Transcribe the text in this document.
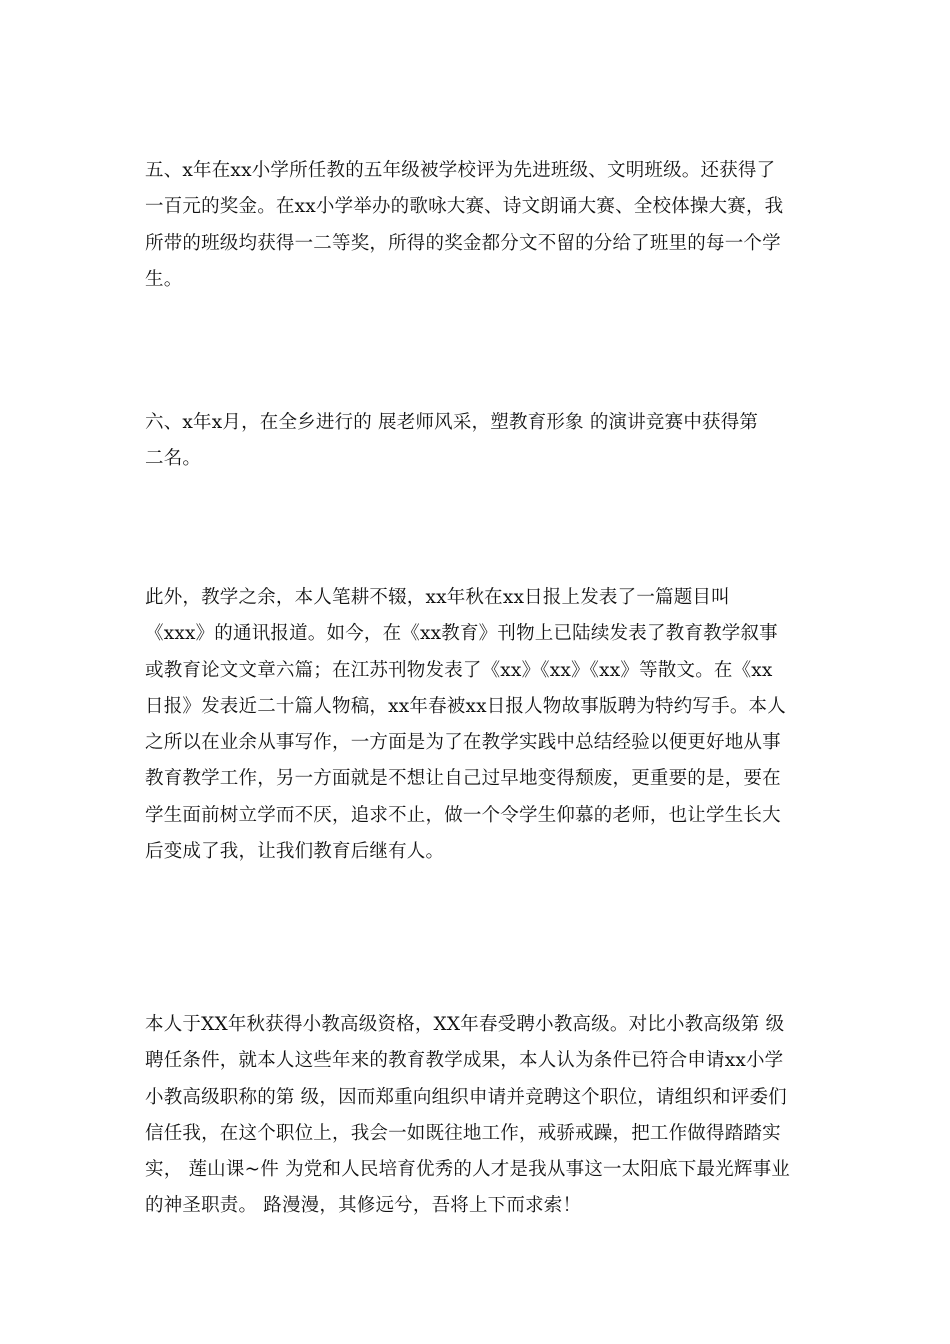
五、x年在xx小学所任教的五年级被学校评为先进班级、文明班级。还获得了
一百元的奖金。在xx小学举办的歌咏大赛、诗文朗诵大赛、全校体操大赛，我
所带的班级均获得一二等奖，所得的奖金都分文不留的分给了班里的每一个学
生。

六、x年x月，在全乡进行的 展老师风采，塑教育形象 的演讲竞赛中获得第
二名。

此外，教学之余，本人笔耕不辍，xx年秋在xx日报上发表了一篇题目叫
《xxx》的通讯报道。如今，在《xx教育》刊物上已陆续发表了教育教学叙事
或教育论文文章六篇；在江苏刊物发表了《xx》《xx》《xx》等散文。在《xx
日报》发表近二十篇人物稿，xx年春被xx日报人物故事版聘为特约写手。本人
之所以在业余从事写作，一方面是为了在教学实践中总结经验以便更好地从事
教育教学工作，另一方面就是不想让自己过早地变得颓废，更重要的是，要在
学生面前树立学而不厌，追求不止，做一个令学生仰慕的老师，也让学生长大
后变成了我，让我们教育后继有人。

本人于XX年秋获得小教高级资格，XX年春受聘小教高级。对比小教高级第 级
聘任条件，就本人这些年来的教育教学成果，本人认为条件已符合申请xx小学
小教高级职称的第 级，因而郑重向组织申请并竞聘这个职位，请组织和评委们
信任我，在这个职位上，我会一如既往地工作，戒骄戒躁，把工作做得踏踏实
实， 莲山课~件 为党和人民培育优秀的人才是我从事这一太阳底下最光辉事业
的神圣职责。 路漫漫，其修远兮，吾将上下而求索！
